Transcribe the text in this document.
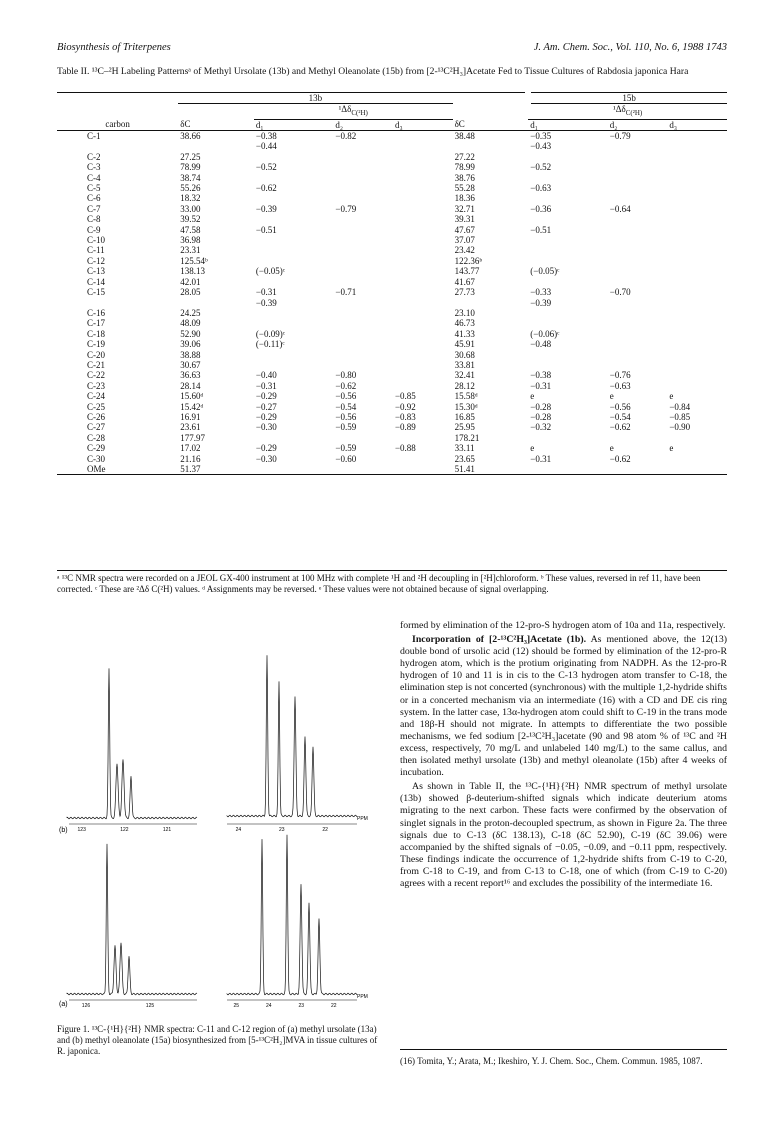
Biosynthesis of Triterpenes	J. Am. Chem. Soc., Vol. 110, No. 6, 1988 1743
Table II. ¹³C–²H Labeling Patternsᵃ of Methyl Ursolate (13b) and Methyl Oleanolate (15b) from [2-¹³C²H₃]Acetate Fed to Tissue Cultures of Rabdosia japonica Hara
	13b					15b		
		$^1\Delta\delta_{C(^2H)}$				$^1\Delta\delta_{C(^2H)}$
carbon	δC	d₁	d₂	d₃	δC	d₁	d₂	d₃
C-1	38.66	−0.38	−0.82		38.48	−0.35	−0.79	
		−0.44				−0.43		
C-2	27.25				27.22			
C-3	78.99	−0.52			78.99	−0.52		
C-4	38.74				38.76			
C-5	55.26	−0.62			55.28	−0.63		
C-6	18.32				18.36			
C-7	33.00	−0.39	−0.79		32.71	−0.36	−0.64	
C-8	39.52				39.31			
C-9	47.58	−0.51			47.67	−0.51		
C-10	36.98				37.07			
C-11	23.31				23.42			
C-12	125.54ᵇ				122.36ᵇ			
C-13	138.13	(−0.05)ᶜ			143.77	(−0.05)ᶜ		
C-14	42.01				41.67			
C-15	28.05	−0.31	−0.71		27.73	−0.33	−0.70	
		−0.39				−0.39		
C-16	24.25				23.10			
C-17	48.09				46.73			
C-18	52.90	(−0.09)ᶜ			41.33	(−0.06)ᶜ		
C-19	39.06	(−0.11)ᶜ			45.91	−0.48		
C-20	38.88				30.68			
C-21	30.67				33.81			
C-22	36.63	−0.40	−0.80		32.41	−0.38	−0.76	
C-23	28.14	−0.31	−0.62		28.12	−0.31	−0.63	
C-24	15.60ᵈ	−0.29	−0.56	−0.85	15.58ᵈ	e	e	e
C-25	15.42ᵈ	−0.27	−0.54	−0.92	15.30ᵈ	−0.28	−0.56	−0.84
C-26	16.91	−0.29	−0.56	−0.83	16.85	−0.28	−0.54	−0.85
C-27	23.61	−0.30	−0.59	−0.89	25.95	−0.32	−0.62	−0.90
C-28	177.97				178.21			
C-29	17.02	−0.29	−0.59	−0.88	33.11	e	e	e
C-30	21.16	−0.30	−0.60		23.65	−0.31	−0.62	
OMe	51.37				51.41			
ᵃ ¹³C NMR spectra were recorded on a JEOL GX-400 instrument at 100 MHz with complete ¹H and ²H decoupling in [²H]chloroform. ᵇ These values, reversed in ref 11, have been corrected. ᶜ These are ²Δδ C(²H) values. ᵈ Assignments may be reversed. ᵉ These values were not obtained because of signal overlapping.
(b)
(a)
PPM
PPM
123	122	121	24	23	22
126	125	25	24	23	22
Figure 1. ¹³C-{¹H}{²H} NMR spectra: C-11 and C-12 region of (a) methyl ursolate (13a) and (b) methyl oleanolate (15a) biosynthesized from [5-¹³C²H₂]MVA in tissue cultures of R. japonica.

formed by elimination of the 12-pro-S hydrogen atom of 10a and 11a, respectively.

Incorporation of [2-¹³C²H₃]Acetate (1b). As mentioned above, the 12(13) double bond of ursolic acid (12) should be formed by elimination of the 12-pro-R hydrogen atom, which is the protium originating from NADPH. As the 12-pro-R hydrogen of 10 and 11 is in cis to the C-13 hydrogen atom transfer to C-18, the elimination step is not concerted (synchronous) with the multiple 1,2-hydride shifts or in a concerted mechanism via an intermediate (16) with a CD and DE cis ring system. In the latter case, 13α-hydrogen atom could shift to C-19 in the trans mode and 18β-H should not migrate. In attempts to differentiate the two possible mechanisms, we fed sodium [2-¹³C²H₃]acetate (90 and 98 atom % of ¹³C and ²H excess, respectively, 70 mg/L and unlabeled 140 mg/L) to the same callus, and then isolated methyl ursolate (13b) and methyl oleanolate (15b) after 4 weeks of incubation.

As shown in Table II, the ¹³C-{¹H}{²H} NMR spectrum of methyl ursolate (13b) showed β-deuterium-shifted signals which indicate deuterium atoms migrating to the next carbon. These facts were confirmed by the observation of singlet signals in the proton-decoupled spectrum, as shown in Figure 2a. The three signals due to C-13 (δC 138.13), C-18 (δC 52.90), C-19 (δC 39.06) were accompanied by the shifted signals of −0.05, −0.09, and −0.11 ppm, respectively. These findings indicate the occurrence of 1,2-hydride shifts from C-19 to C-20, from C-18 to C-19, and from C-13 to C-18, one of which (from C-19 to C-20) agrees with a recent report¹⁶ and excludes the possibility of the intermediate 16.

(16) Tomita, Y.; Arata, M.; Ikeshiro, Y. J. Chem. Soc., Chem. Commun. 1985, 1087.
